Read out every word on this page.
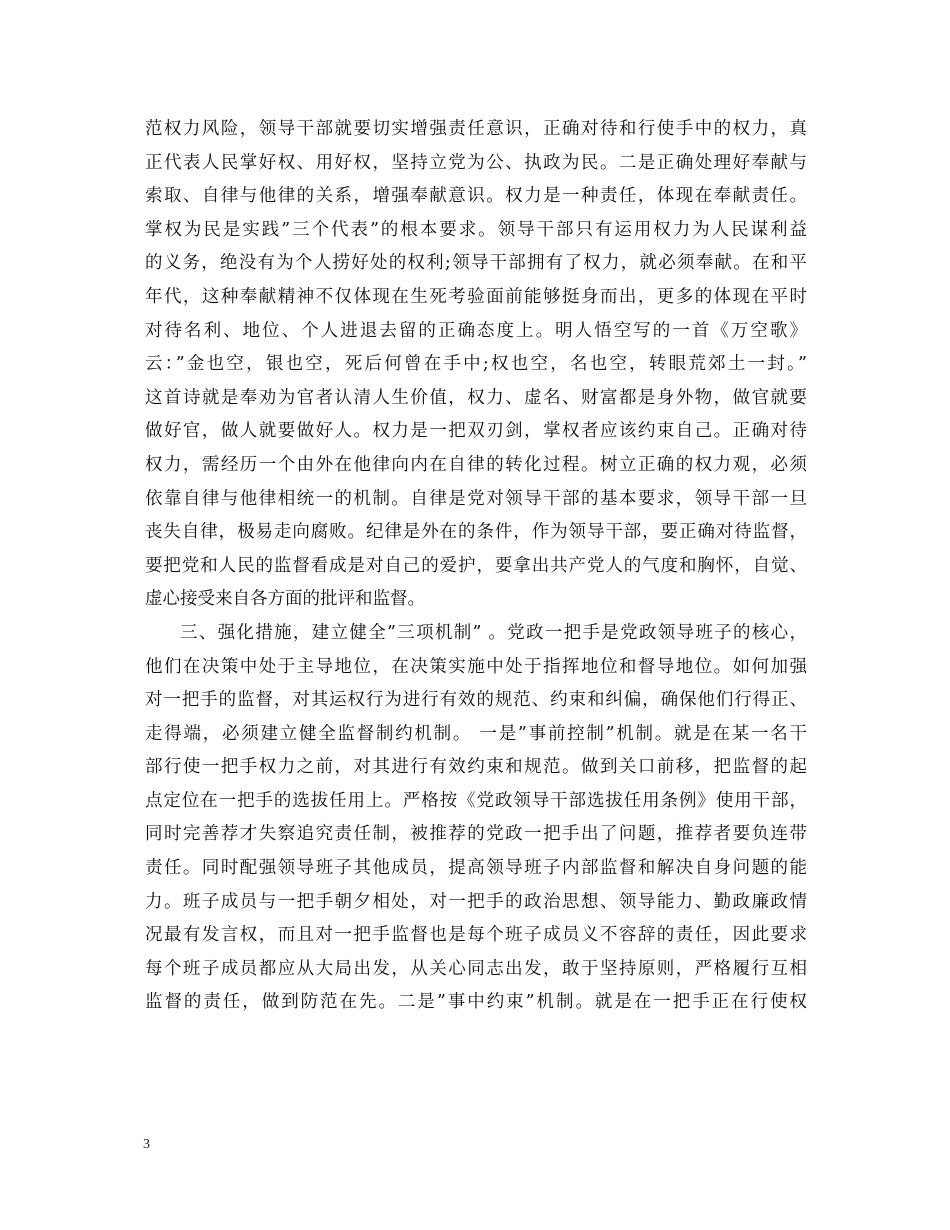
范权力风险，领导干部就要切实增强责任意识，正确对待和行使手中的权力，真
正代表人民掌好权、用好权，坚持立党为公、执政为民。二是正确处理好奉献与
索取、自律与他律的关系，增强奉献意识。权力是一种责任，体现在奉献责任。
掌权为民是实践”三个代表”的根本要求。领导干部只有运用权力为人民谋利益
的义务，绝没有为个人捞好处的权利;领导干部拥有了权力，就必须奉献。在和平
年代，这种奉献精神不仅体现在生死考验面前能够挺身而出，更多的体现在平时
对待名利、地位、个人进退去留的正确态度上。明人悟空写的一首《万空歌》
云：”金也空，银也空，死后何曾在手中;权也空，名也空，转眼荒郊土一封。”
这首诗就是奉劝为官者认清人生价值，权力、虚名、财富都是身外物，做官就要
做好官，做人就要做好人。权力是一把双刃剑，掌权者应该约束自己。正确对待
权力，需经历一个由外在他律向内在自律的转化过程。树立正确的权力观，必须
依靠自律与他律相统一的机制。自律是党对领导干部的基本要求，领导干部一旦
丧失自律，极易走向腐败。纪律是外在的条件，作为领导干部，要正确对待监督，
要把党和人民的监督看成是对自己的爱护，要拿出共产党人的气度和胸怀，自觉、
虚心接受来自各方面的批评和监督。
三、强化措施，建立健全”三项机制” 。党政一把手是党政领导班子的核心，
他们在决策中处于主导地位，在决策实施中处于指挥地位和督导地位。如何加强
对一把手的监督，对其运权行为进行有效的规范、约束和纠偏，确保他们行得正、
走得端，必须建立健全监督制约机制。 一是”事前控制”机制。就是在某一名干
部行使一把手权力之前，对其进行有效约束和规范。做到关口前移，把监督的起
点定位在一把手的选拔任用上。严格按《党政领导干部选拔任用条例》使用干部，
同时完善荐才失察追究责任制，被推荐的党政一把手出了问题，推荐者要负连带
责任。同时配强领导班子其他成员，提高领导班子内部监督和解决自身问题的能
力。班子成员与一把手朝夕相处，对一把手的政治思想、领导能力、勤政廉政情
况最有发言权，而且对一把手监督也是每个班子成员义不容辞的责任，因此要求
每个班子成员都应从大局出发，从关心同志出发，敢于坚持原则，严格履行互相
监督的责任，做到防范在先。二是”事中约束”机制。就是在一把手正在行使权
3
